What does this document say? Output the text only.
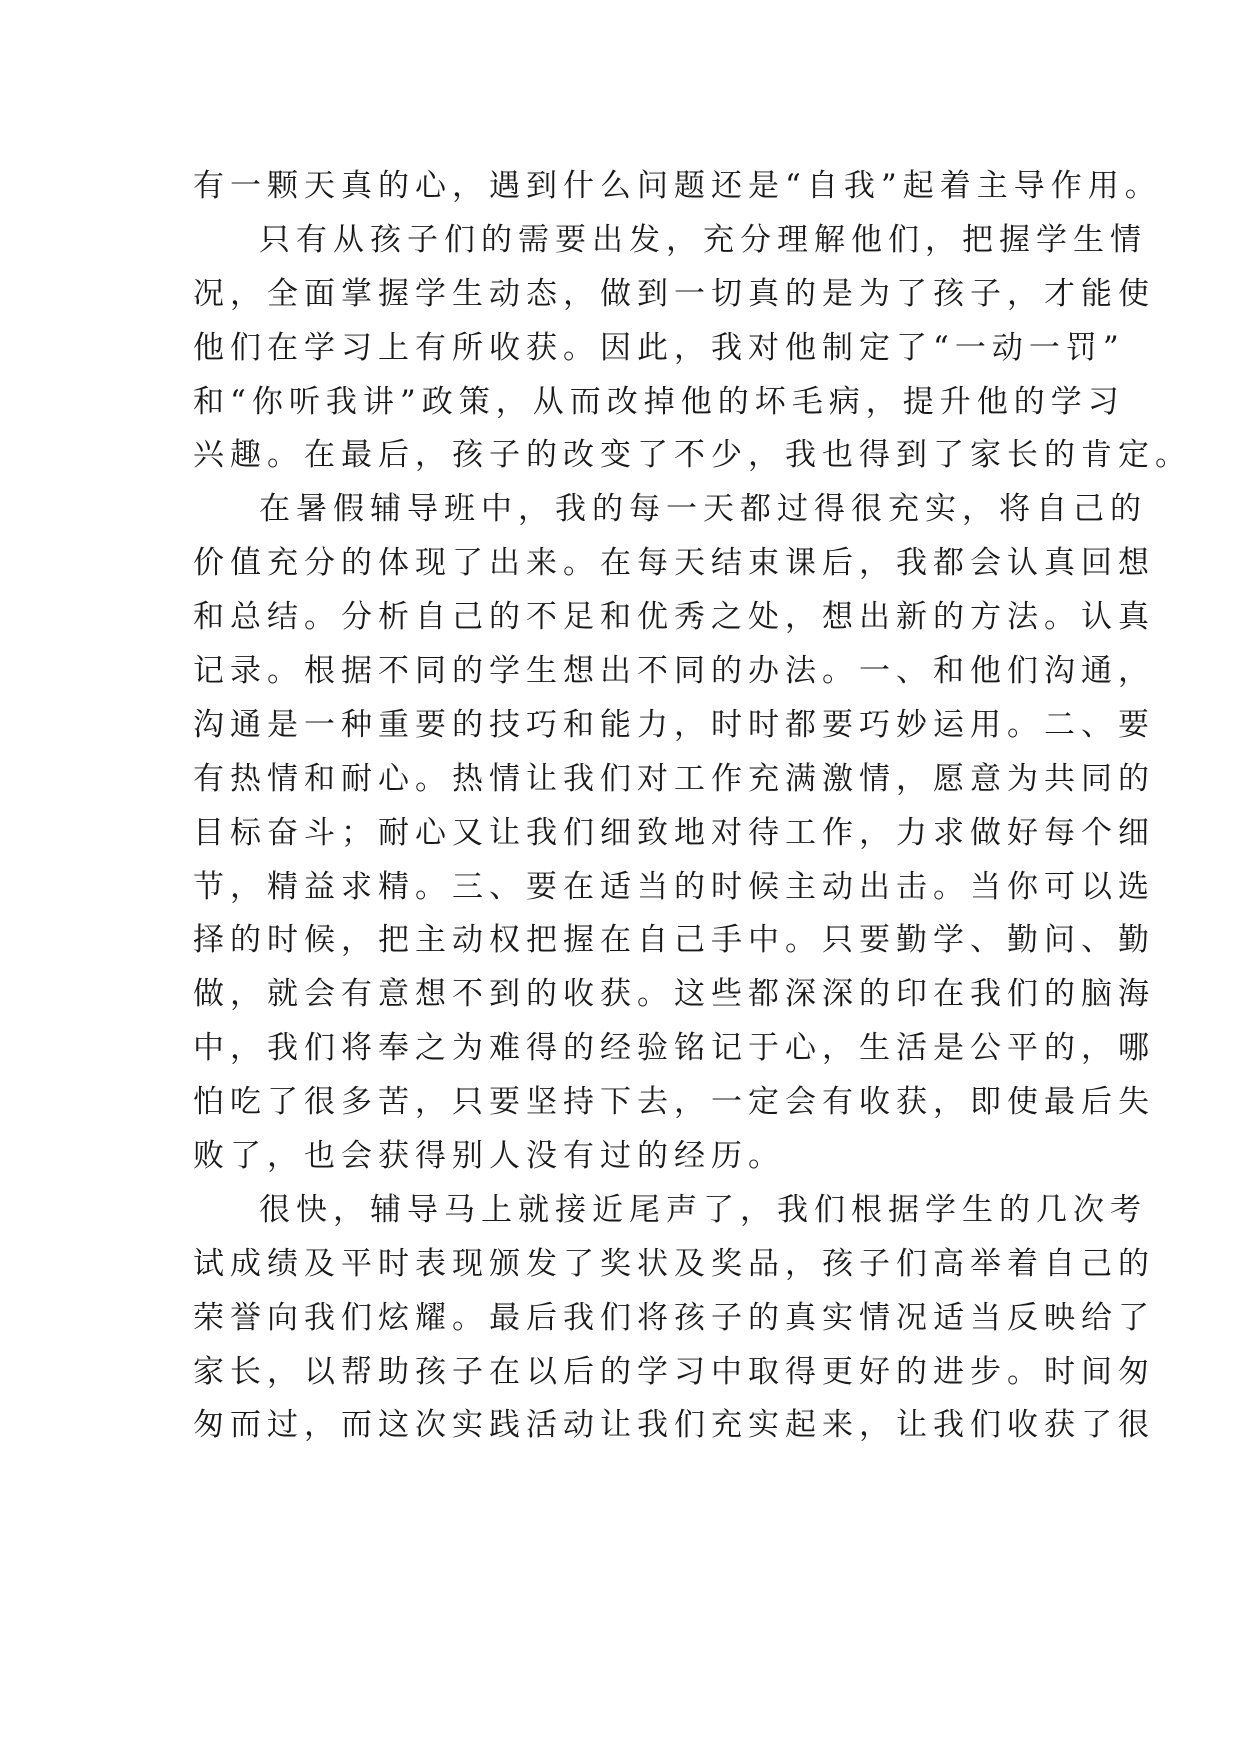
有一颗天真的心，遇到什么问题还是“自我”起着主导作用。
只有从孩子们的需要出发，充分理解他们，把握学生情
况，全面掌握学生动态，做到一切真的是为了孩子，才能使
他们在学习上有所收获。因此，我对他制定了“一动一罚”
和“你听我讲”政策，从而改掉他的坏毛病，提升他的学习
兴趣。在最后，孩子的改变了不少，我也得到了家长的肯定。
在暑假辅导班中，我的每一天都过得很充实，将自己的
价值充分的体现了出来。在每天结束课后，我都会认真回想
和总结。分析自己的不足和优秀之处，想出新的方法。认真
记录。根据不同的学生想出不同的办法。一、和他们沟通，
沟通是一种重要的技巧和能力，时时都要巧妙运用。二、要
有热情和耐心。热情让我们对工作充满激情，愿意为共同的
目标奋斗；耐心又让我们细致地对待工作，力求做好每个细
节，精益求精。三、要在适当的时候主动出击。当你可以选
择的时候，把主动权把握在自己手中。只要勤学、勤问、勤
做，就会有意想不到的收获。这些都深深的印在我们的脑海
中，我们将奉之为难得的经验铭记于心，生活是公平的，哪
怕吃了很多苦，只要坚持下去，一定会有收获，即使最后失
败了，也会获得别人没有过的经历。
很快，辅导马上就接近尾声了，我们根据学生的几次考
试成绩及平时表现颁发了奖状及奖品，孩子们高举着自己的
荣誉向我们炫耀。最后我们将孩子的真实情况适当反映给了
家长，以帮助孩子在以后的学习中取得更好的进步。时间匆
匆而过，而这次实践活动让我们充实起来，让我们收获了很
